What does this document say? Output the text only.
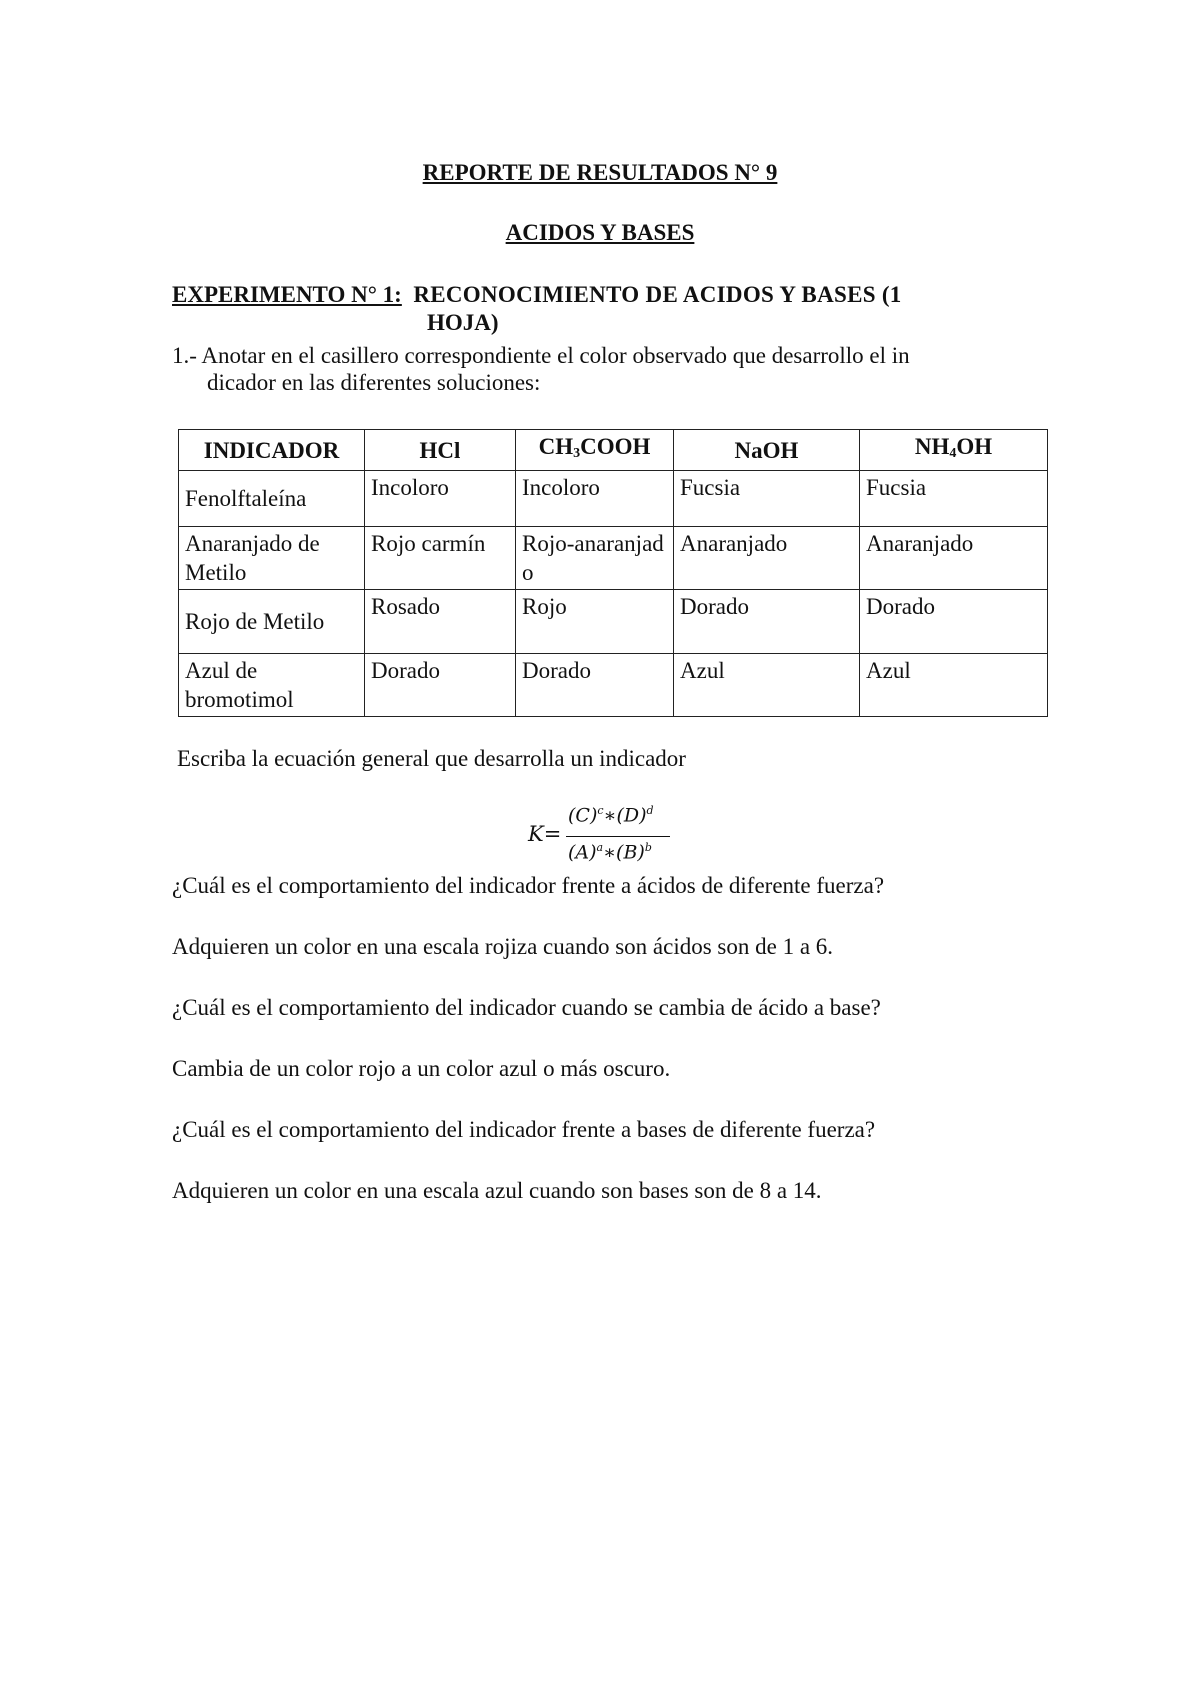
REPORTE DE RESULTADOS N° 9
ACIDOS Y BASES
EXPERIMENTO N° 1: RECONOCIMIENTO DE ACIDOS Y BASES (1
HOJA)
1.- Anotar en el casillero correspondiente el color observado que desarrollo el in
dicador en las diferentes soluciones:
INDICADOR	HCl	$CH_3COOH$	NaOH	$NH_4OH$
Fenolftaleína	Incoloro	Incoloro	Fucsia	Fucsia
Anaranjado de Metilo	Rojo carmín	Rojo-anaranjado	Anaranjado	Anaranjado
Rojo de Metilo	Rosado	Rojo	Dorado	Dorado
Azul de bromotimol	Dorado	Dorado	Azul	Azul
Escriba la ecuación general que desarrolla un indicador
K=
$(C)^c∗(D)^d$
$(A)^a∗(B)^b$
¿Cuál es el comportamiento del indicador frente a ácidos de diferente fuerza?
Adquieren un color en una escala rojiza cuando son ácidos son de 1 a 6.
¿Cuál es el comportamiento del indicador cuando se cambia de ácido a base?
Cambia de un color rojo a un color azul o más oscuro.
¿Cuál es el comportamiento del indicador frente a bases de diferente fuerza?
Adquieren un color en una escala azul cuando son bases son de 8 a 14.
